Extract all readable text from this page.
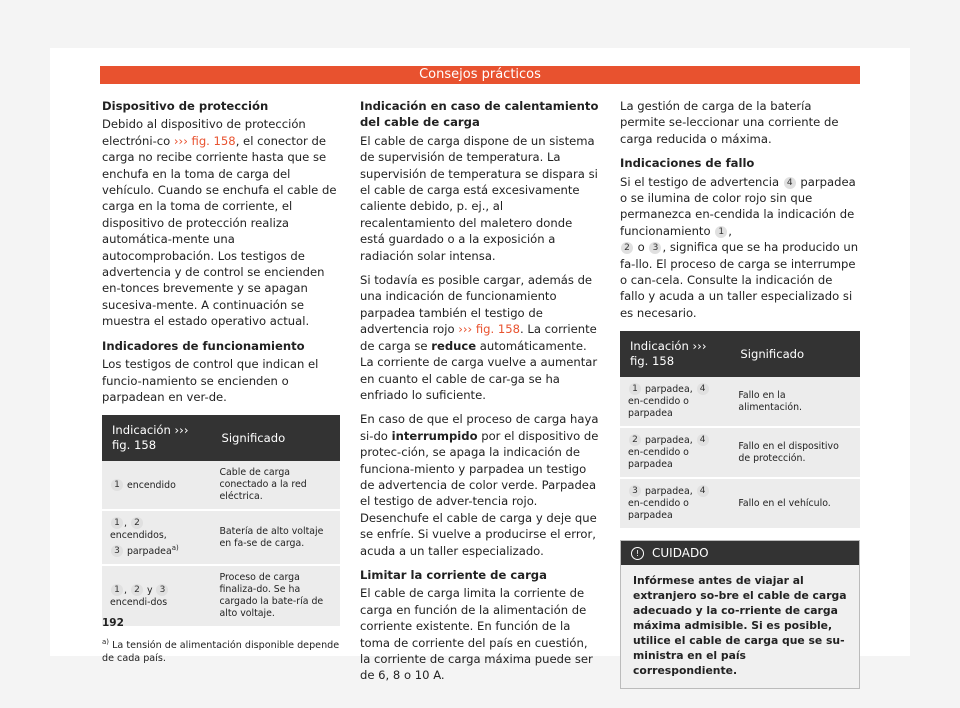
Consejos prácticos
Dispositivo de protección

Debido al dispositivo de protección electróni-co ››› fig. 158, el conector de carga no recibe corriente hasta que se enchufa en la toma de carga del vehículo. Cuando se enchufa el cable de carga en la toma de corriente, el dispositivo de protección realiza automática-mente una autocomprobación. Los testigos de advertencia y de control se encienden en-tonces brevemente y se apagan sucesiva-mente. A continuación se muestra el estado operativo actual.

Indicadores de funcionamiento

Los testigos de control que indican el funcio-namiento se encienden o parpadean en ver-de.

Indicación ››› fig. 158	Significado
1 encendido	Cable de carga conectado a la red eléctrica.
1 , 2 encendidos,
3 parpadea$^{a)}$	Batería de alto voltaje en fa-se de carga.
1 , 2 y 3 encendi-dos	Proceso de carga finaliza-do. Se ha cargado la bate-ría de alto voltaje.
$^{a)}$ La tensión de alimentación disponible depende de cada país.
Indicación en caso de calentamiento del cable de carga

El cable de carga dispone de un sistema de supervisión de temperatura. La supervisión de temperatura se dispara si el cable de carga está excesivamente caliente debido, p. ej., al recalentamiento del maletero donde está guardado o a la exposición a radiación solar intensa.

Si todavía es posible cargar, además de una indicación de funcionamiento parpadea también el testigo de advertencia rojo ››› fig. 158. La corriente de carga se reduce automáticamente. La corriente de carga vuelve a aumentar en cuanto el cable de car-ga se ha enfriado lo suficiente.

En caso de que el proceso de carga haya si-do interrumpido por el dispositivo de protec-ción, se apaga la indicación de funciona-miento y parpadea un testigo de advertencia de color verde. Parpadea el testigo de adver-tencia rojo. Desenchufe el cable de carga y deje que se enfríe. Si vuelve a producirse el error, acuda a un taller especializado.

Limitar la corriente de carga

El cable de carga limita la corriente de carga en función de la alimentación de corriente existente. En función de la toma de corriente del país en cuestión, la corriente de carga máxima puede ser de 6, 8 o 10 A.

La gestión de carga de la batería permite se-leccionar una corriente de carga reducida o máxima.

Indicaciones de fallo

Si el testigo de advertencia 4 parpadea o se ilumina de color rojo sin que permanezca en-cendida la indicación de funcionamiento 1 ,
2 o 3 , significa que se ha producido un fa-llo. El proceso de carga se interrumpe o can-cela. Consulte la indicación de fallo y acuda a un taller especializado si es necesario.

Indicación ››› fig. 158	Significado
1 parpadea, 4 en-cendido o parpadea	Fallo en la alimentación.
2 parpadea, 4 en-cendido o parpadea	Fallo en el dispositivo de protección.
3 parpadea, 4 en-cendido o parpadea	Fallo en el vehículo.
! CUIDADO
Infórmese antes de viajar al extranjero so-bre el cable de carga adecuado y la co-rriente de carga máxima admisible. Si es posible, utilice el cable de carga que se su-ministra en el país correspondiente.
192
